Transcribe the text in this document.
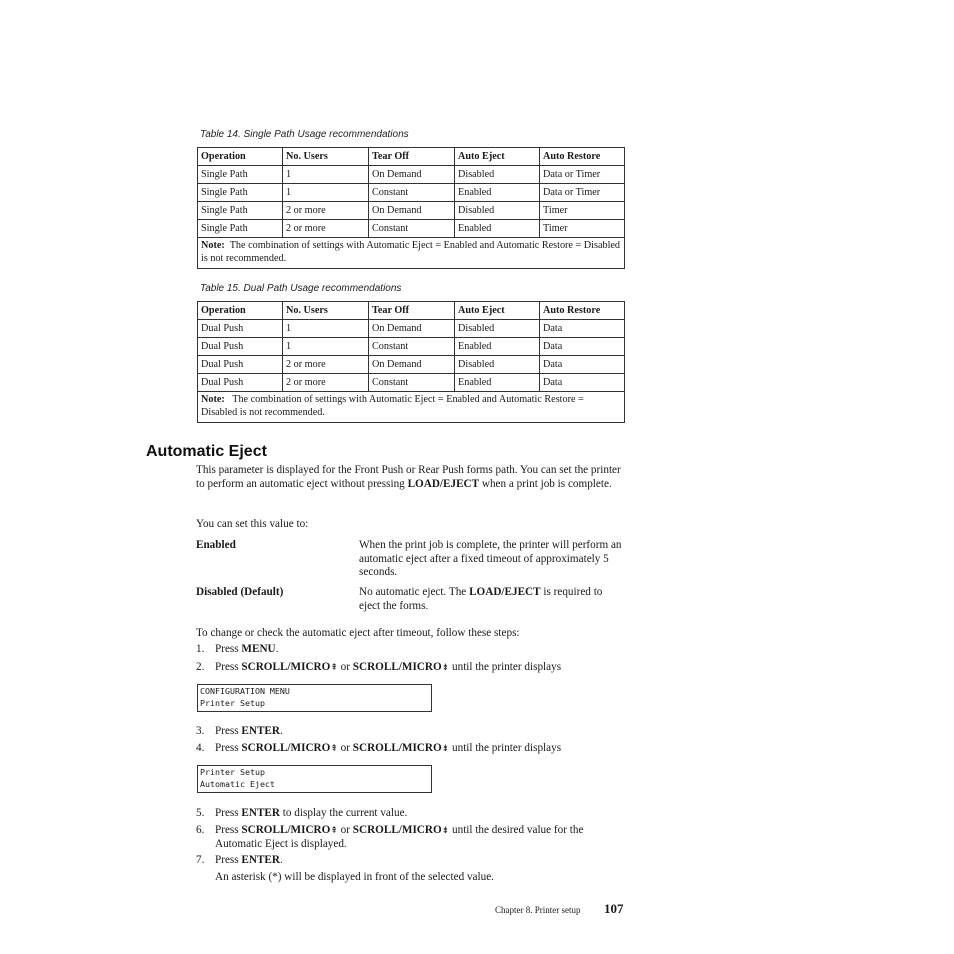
Table 14. Single Path Usage recommendations
Operation	No. Users	Tear Off	Auto Eject	Auto Restore
Single Path	1	On Demand	Disabled	Data or Timer
Single Path	1	Constant	Enabled	Data or Timer
Single Path	2 or more	On Demand	Disabled	Timer
Single Path	2 or more	Constant	Enabled	Timer
Note: The combination of settings with Automatic Eject = Enabled and Automatic Restore = Disabled is not recommended.				
Table 15. Dual Path Usage recommendations
Operation	No. Users	Tear Off	Auto Eject	Auto Restore
Dual Push	1	On Demand	Disabled	Data
Dual Push	1	Constant	Enabled	Data
Dual Push	2 or more	On Demand	Disabled	Data
Dual Push	2 or more	Constant	Enabled	Data
Note: The combination of settings with Automatic Eject = Enabled and Automatic Restore = Disabled is not recommended.				
Automatic Eject
This parameter is displayed for the Front Push or Rear Push forms path. You can set the printer to perform an automatic eject without pressing LOAD/EJECT when a print job is complete.
You can set this value to:
Enabled	When the print job is complete, the printer will perform an automatic eject after a fixed timeout of approximately 5 seconds.
Disabled (Default)	No automatic eject. The LOAD/EJECT is required to eject the forms.
To change or check the automatic eject after timeout, follow these steps:
1. Press MENU.
2. Press SCROLL/MICRO⇞ or SCROLL/MICRO⇟ until the printer displays
CONFIGURATION MENU
Printer Setup
3. Press ENTER.
4. Press SCROLL/MICRO⇞ or SCROLL/MICRO⇟ until the printer displays
Printer Setup
Automatic Eject
5. Press ENTER to display the current value.
6. Press SCROLL/MICRO⇞ or SCROLL/MICRO⇟ until the desired value for the Automatic Eject is displayed.
7. Press ENTER.
An asterisk (*) will be displayed in front of the selected value.
Chapter 8. Printer setup 107
